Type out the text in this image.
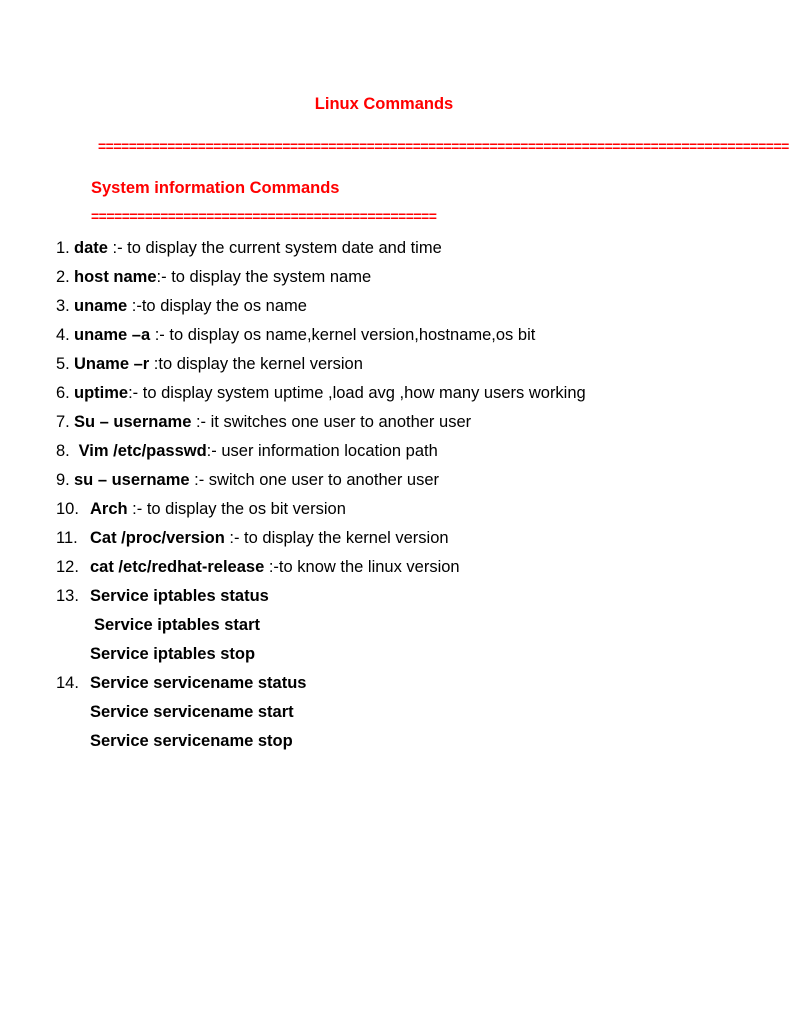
Linux Commands
==========================================================================================
System information Commands
=============================================
1. date :- to display the current system date and time
2. host name:- to display the system name
3. uname :-to display the os name
4. uname –a :- to display os name,kernel version,hostname,os bit
5. Uname –r :to display the kernel version
6. uptime:- to display system uptime ,load avg ,how many users working
7. Su – username :- it switches one user to another user
8. Vim /etc/passwd:- user information location path
9. su – username :- switch one user to another user
10. Arch :- to display the os bit version
11. Cat /proc/version :- to display the kernel version
12. cat /etc/redhat-release :-to know the linux version
13. Service iptables status
Service iptables start
Service iptables stop
14. Service servicename status
Service servicename start
Service servicename stop
